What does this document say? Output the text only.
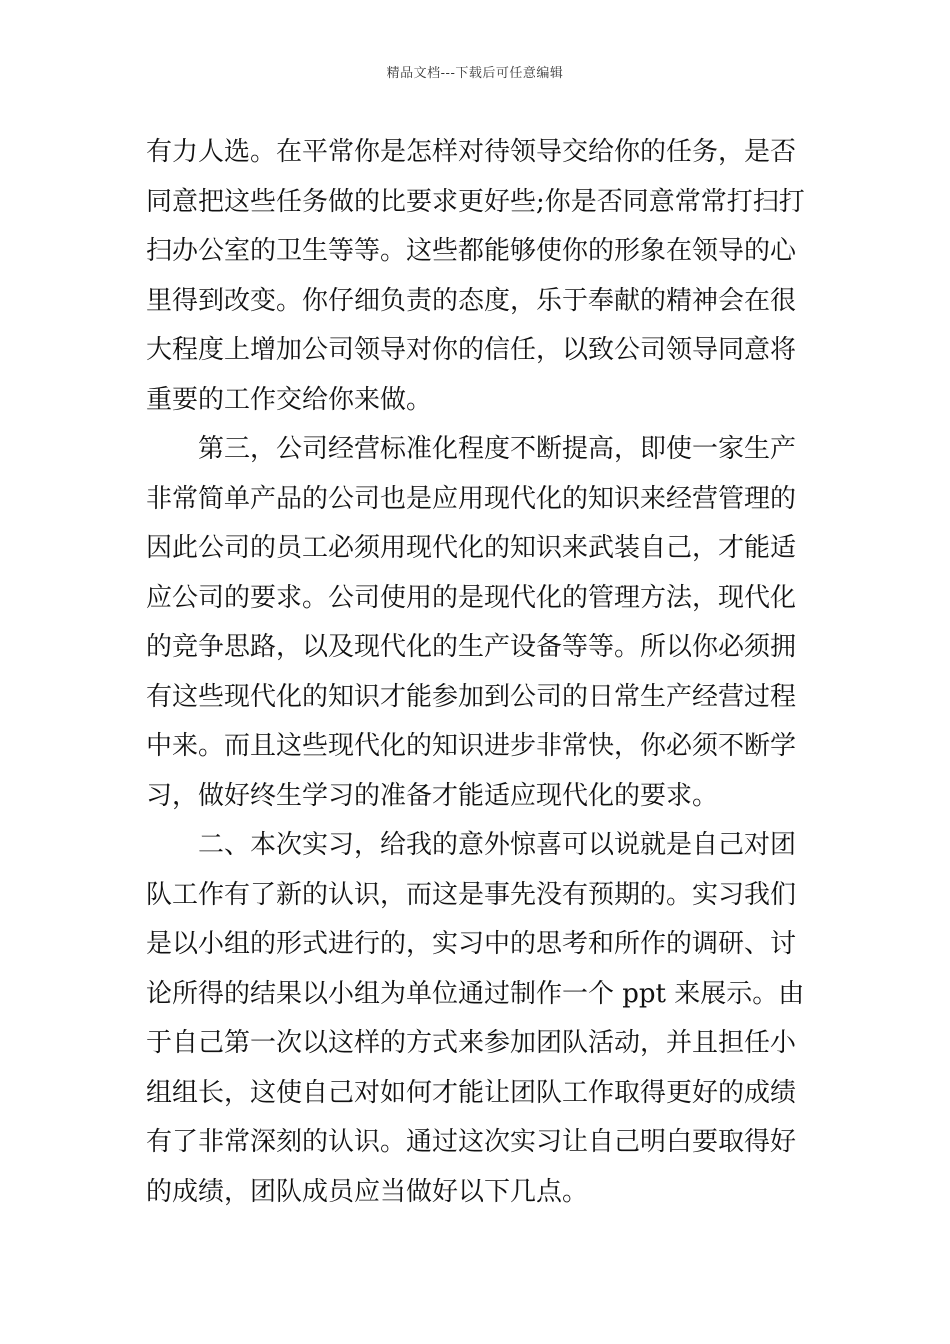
精品文档---下载后可任意编辑
有力人选。在平常你是怎样对待领导交给你的任务，是否
同意把这些任务做的比要求更好些;你是否同意常常打扫打
扫办公室的卫生等等。这些都能够使你的形象在领导的心
里得到改变。你仔细负责的态度，乐于奉献的精神会在很
大程度上增加公司领导对你的信任，以致公司领导同意将
重要的工作交给你来做。
第三，公司经营标准化程度不断提高，即使一家生产
非常简单产品的公司也是应用现代化的知识来经营管理的
因此公司的员工必须用现代化的知识来武装自己，才能适
应公司的要求。公司使用的是现代化的管理方法，现代化
的竞争思路，以及现代化的生产设备等等。所以你必须拥
有这些现代化的知识才能参加到公司的日常生产经营过程
中来。而且这些现代化的知识进步非常快，你必须不断学
习，做好终生学习的准备才能适应现代化的要求。
二、本次实习，给我的意外惊喜可以说就是自己对团
队工作有了新的认识，而这是事先没有预期的。实习我们
是以小组的形式进行的，实习中的思考和所作的调研、讨
论所得的结果以小组为单位通过制作一个 ppt 来展示。由
于自己第一次以这样的方式来参加团队活动，并且担任小
组组长，这使自己对如何才能让团队工作取得更好的成绩
有了非常深刻的认识。通过这次实习让自己明白要取得好
的成绩，团队成员应当做好以下几点。
